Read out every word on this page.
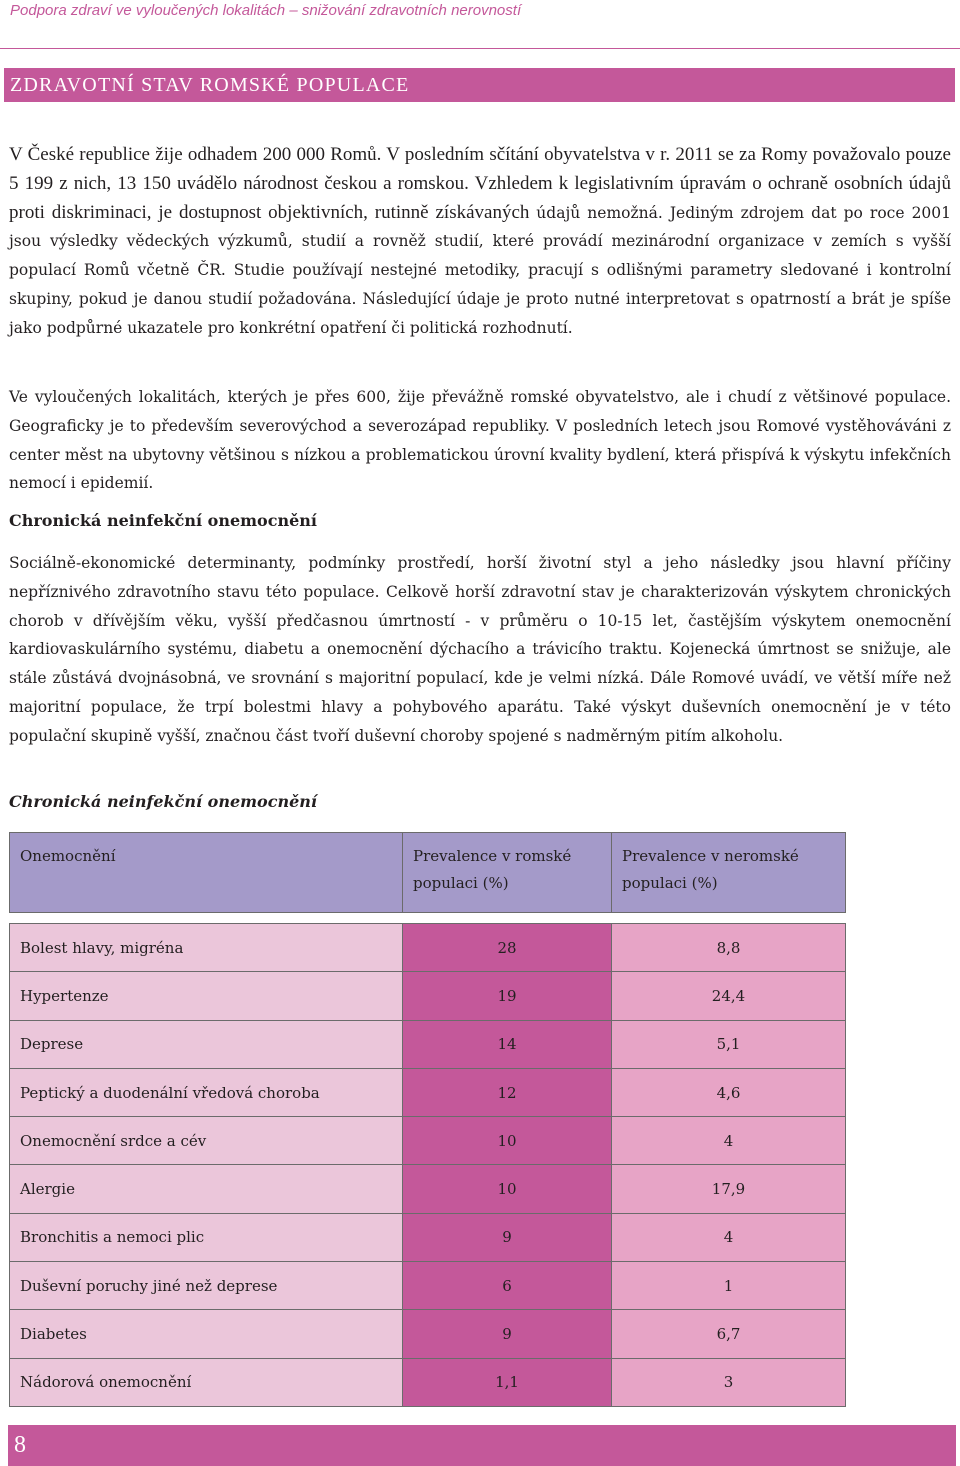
Podpora zdraví ve vyloučených lokalitách – snižování zdravotních nerovností
ZDRAVOTNÍ STAV ROMSKÉ POPULACE

V České republice žije odhadem 200 000 Romů. V posledním sčítání obyvatelstva v r. 2011 se za Romy považovalo pouze 5 199 z nich, 13 150 uvádělo národnost českou a romskou. Vzhledem k legislativním úpravám o ochraně osobních údajů proti diskriminaci, je dostupnost objektivních, rutinně získávaných údajů nemožná. Jediným zdrojem dat po roce 2001 jsou výsledky vědeckých výzkumů, studií a rovněž studií, které provádí mezinárodní organizace v zemích s vyšší populací Romů včetně ČR. Studie používají nestejné metodiky, pracují s odlišnými parametry sledované i kontrolní skupiny, pokud je danou studií požadována. Následující údaje je proto nutné interpretovat s opatrností a brát je spíše jako podpůrné ukazatele pro konkrétní opatření či politická rozhodnutí.

Ve vyloučených lokalitách, kterých je přes 600, žije převážně romské obyvatelstvo, ale i chudí z většinové populace. Geograficky je to především severovýchod a severozápad republiky. V posledních letech jsou Romové vystěhováváni z center měst na ubytovny většinou s nízkou a problematickou úrovní kvality bydlení, která přispívá k výskytu infekčních nemocí i epidemií.

Chronická neinfekční onemocnění

Sociálně-ekonomické determinanty, podmínky prostředí, horší životní styl a jeho následky jsou hlavní příčiny nepříznivého zdravotního stavu této populace. Celkově horší zdravotní stav je charakterizován výskytem chronických chorob v dřívějším věku, vyšší předčasnou úmrtností - v průměru o 10-15 let, častějším výskytem onemocnění kardiovaskulárního systému, diabetu a onemocnění dýchacího a trávicího traktu. Kojenecká úmrtnost se snižuje, ale stále zůstává dvojnásobná, ve srovnání s majoritní populací, kde je velmi nízká. Dále Romové uvádí, ve větší míře než majoritní populace, že trpí bolestmi hlavy a pohybového aparátu. Také výskyt duševních onemocnění je v této populační skupině vyšší, značnou část tvoří duševní choroby spojené s nadměrným pitím alkoholu.

Chronická neinfekční onemocnění

Onemocnění	Prevalence v romské populaci (%)	Prevalence v neromské populaci (%)

Bolest hlavy, migréna	28	8,8
Hypertenze	19	24,4
Deprese	14	5,1
Peptický a duodenální vředová choroba	12	4,6
Onemocnění srdce a cév	10	4
Alergie	10	17,9
Bronchitis a nemoci plic	9	4
Duševní poruchy jiné než deprese	6	1
Diabetes	9	6,7
Nádorová onemocnění	1,1	3
8
